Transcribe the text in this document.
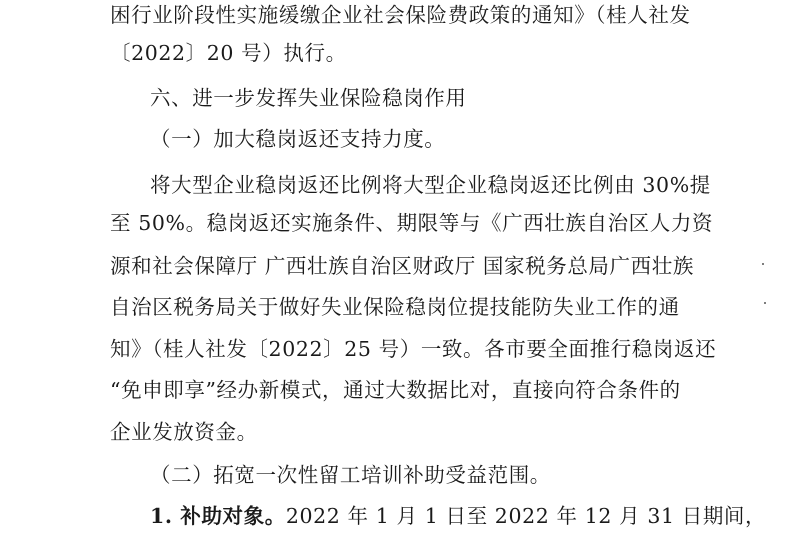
困行业阶段性实施缓缴企业社会保险费政策的通知》（桂人社发
〔2022〕20 号）执行。
六、进一步发挥失业保险稳岗作用
（一）加大稳岗返还支持力度。
将大型企业稳岗返还比例将大型企业稳岗返还比例由 30%提
至 50%。稳岗返还实施条件、期限等与《广西壮族自治区人力资
源和社会保障厅 广西壮族自治区财政厅 国家税务总局广西壮族
自治区税务局关于做好失业保险稳岗位提技能防失业工作的通
知》（桂人社发〔2022〕25 号）一致。各市要全面推行稳岗返还
“免申即享”经办新模式，通过大数据比对，直接向符合条件的
企业发放资金。
（二）拓宽一次性留工培训补助受益范围。
1. 补助对象。2022 年 1 月 1 日至 2022 年 12 月 31 日期间，
